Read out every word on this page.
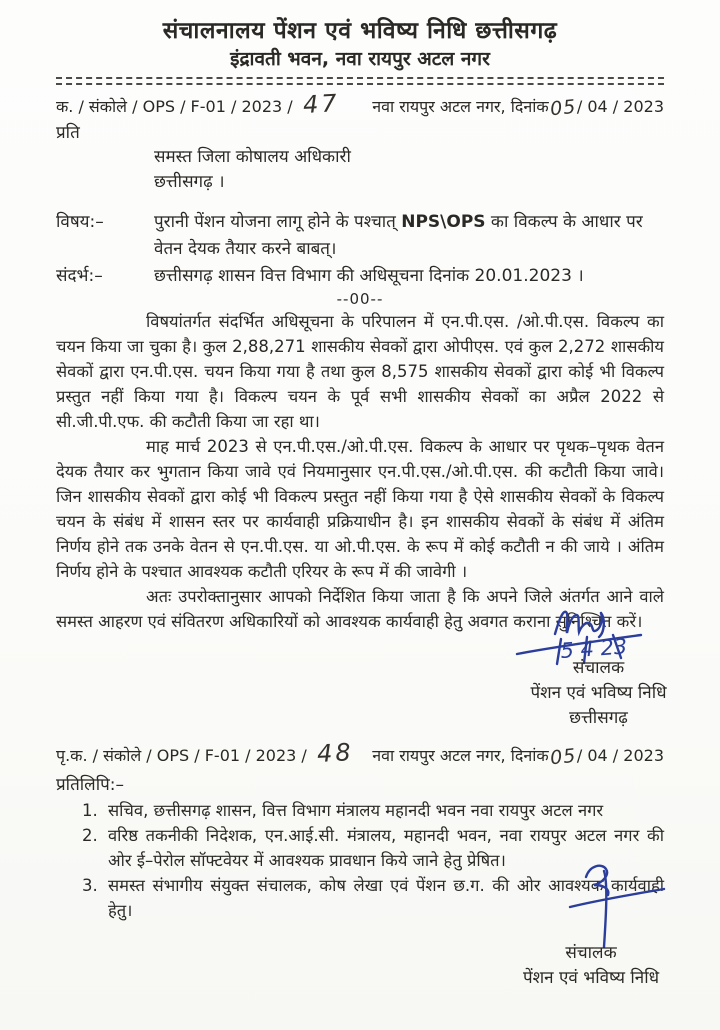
संचालनालय पेंशन एवं भविष्य निधि छत्तीसगढ़
इंद्रावती भवन, नवा रायपुर अटल नगर
क. / संकोले / OPS / F-01 / 2023 / 47	नवा रायपुर अटल नगर, दिनांक 05 / 04 / 2023
प्रति
समस्त जिला कोषालय अधिकारी
छत्तीसगढ़ ।
विषय:–	पुरानी पेंशन योजना लागू होने के पश्चात् NPS\OPS का विकल्प के आधार पर वेतन देयक तैयार करने बाबत्।
संदर्भ:–	छत्तीसगढ़ शासन वित्त विभाग की अधिसूचना दिनांक 20.01.2023 ।
--00--

विषयांतर्गत संदर्भित अधिसूचना के परिपालन में एन.पी.एस. /ओ.पी.एस. विकल्प का चयन किया जा चुका है। कुल 2,88,271 शासकीय सेवकों द्वारा ओपीएस. एवं कुल 2,272 शासकीय सेवकों द्वारा एन.पी.एस. चयन किया गया है तथा कुल 8,575 शासकीय सेवकों द्वारा कोई भी विकल्प प्रस्तुत नहीं किया गया है। विकल्प चयन के पूर्व सभी शासकीय सेवकों का अप्रैल 2022 से सी.जी.पी.एफ. की कटौती किया जा रहा था।

माह मार्च 2023 से एन.पी.एस./ओ.पी.एस. विकल्प के आधार पर पृथक–पृथक वेतन देयक तैयार कर भुगतान किया जावे एवं नियमानुसार एन.पी.एस./ओ.पी.एस. की कटौती किया जावे। जिन शासकीय सेवकों द्वारा कोई भी विकल्प प्रस्तुत नहीं किया गया है ऐसे शासकीय सेवकों के विकल्प चयन के संबंध में शासन स्तर पर कार्यवाही प्रक्रियाधीन है। इन शासकीय सेवकों के संबंध में अंतिम निर्णय होने तक उनके वेतन से एन.पी.एस. या ओ.पी.एस. के रूप में कोई कटौती न की जाये । अंतिम निर्णय होने के पश्चात आवश्यक कटौती एरियर के रूप में की जावेगी ।

अतः उपरोक्तानुसार आपको निर्देशित किया जाता है कि अपने जिले अंतर्गत आने वाले समस्त आहरण एवं संवितरण अधिकारियों को आवश्यक कार्यवाही हेतु अवगत कराना सुनिश्चित करें।

5 4 23
संचालक
पेंशन एवं भविष्य निधि
छत्तीसगढ़
पृ.क. / संकोले / OPS / F-01 / 2023 / 48	नवा रायपुर अटल नगर, दिनांक 05 / 04 / 2023
प्रतिलिपि:–
1. सचिव, छत्तीसगढ़ शासन, वित्त विभाग मंत्रालय महानदी भवन नवा रायपुर अटल नगर
2. वरिष्ठ तकनीकी निदेशक, एन.आई.सी. मंत्रालय, महानदी भवन, नवा रायपुर अटल नगर की ओर ई–पेरोल सॉफ्टवेयर में आवश्यक प्रावधान किये जाने हेतु प्रेषित।
3. समस्त संभागीय संयुक्त संचालक, कोष लेखा एवं पेंशन छ.ग. की ओर आवश्यक कार्यवाही हेतु।
संचालक
पेंशन एवं भविष्य निधि
